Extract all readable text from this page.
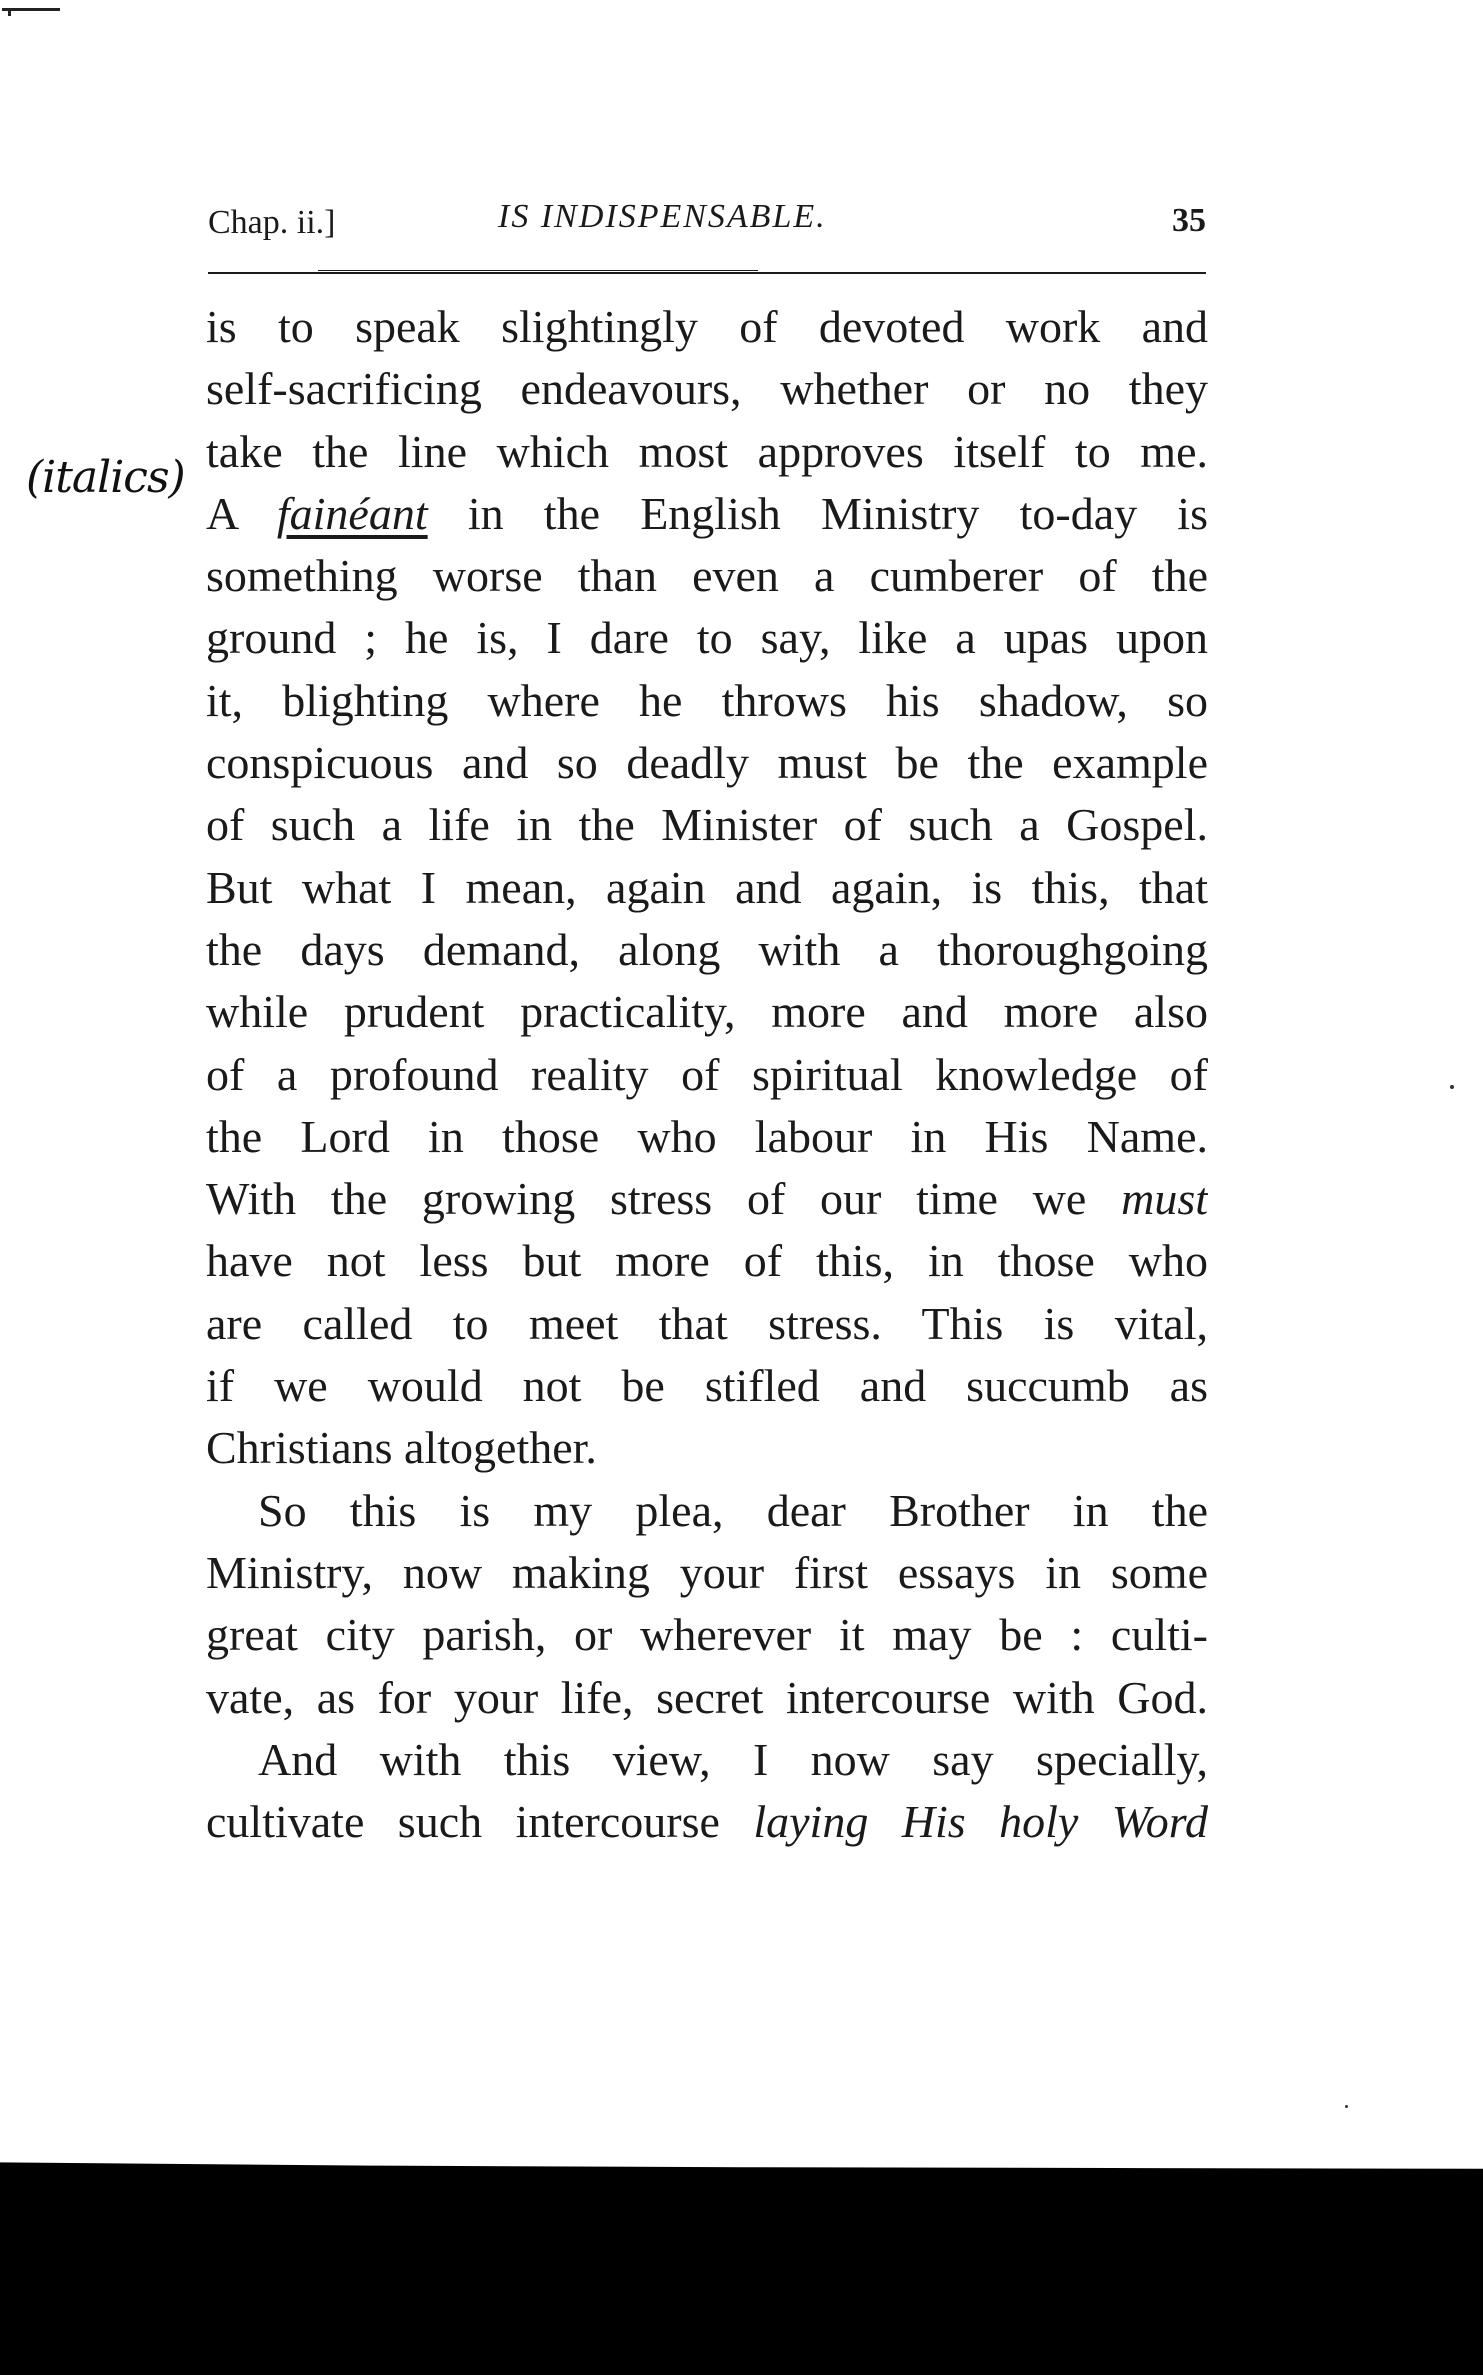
Chap. ii.]	IS INDISPENSABLE.	35
(italics)
is to speak slightingly of devoted work and
self-sacrificing endeavours, whether or no they
take the line which most approves itself to me.
A fainéant in the English Ministry to-day is
something worse than even a cumberer of the
ground ; he is, I dare to say, like a upas upon
it, blighting where he throws his shadow, so
conspicuous and so deadly must be the example
of such a life in the Minister of such a Gospel.
But what I mean, again and again, is this, that
the days demand, along with a thoroughgoing
while prudent practicality, more and more also
of a profound reality of spiritual knowledge of
the Lord in those who labour in His Name.
With the growing stress of our time we must
have not less but more of this, in those who
are called to meet that stress. This is vital,
if we would not be stifled and succumb as
Christians altogether.
So this is my plea, dear Brother in the
Ministry, now making your first essays in some
great city parish, or wherever it may be : culti-
vate, as for your life, secret intercourse with God.
And with this view, I now say specially,
cultivate such intercourse laying His holy Word
